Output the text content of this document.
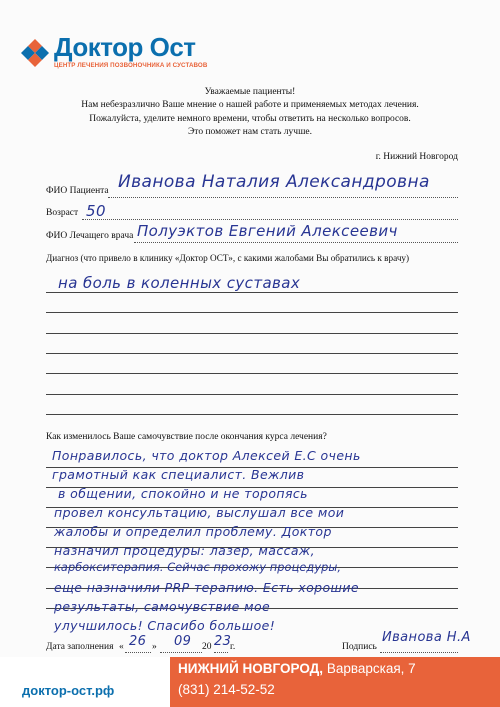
Доктор Ост
ЦЕНТР ЛЕЧЕНИЯ ПОЗВОНОЧНИКА И СУСТАВОВ
Уважаемые пациенты!
Нам небезразлично Ваше мнение о нашей работе и применяемых методах лечения.
Пожалуйста, уделите немного времени, чтобы ответить на несколько вопросов.
Это поможет нам стать лучше.
г. Нижний Новгород
ФИО Пациента Иванова Наталия Александровна
Возраст 50
ФИО Лечащего врача Полуэктов Евгений Алексеевич
Диагноз (что привело в клинику «Доктор ОСТ», с какими жалобами Вы обратились к врачу)
на боль в коленных суставах
Как изменилось Ваше самочувствие после окончания курса лечения?
Понравилось, что доктор Алексей Е.С очень
грамотный как специалист. Вежлив
в общении, спокойно и не торопясь
провел консультацию, выслушал все мои
жалобы и определил проблему. Доктор
назначил процедуры: лазер, массаж,
карбокситерапия. Сейчас прохожу процедуры,
еще назначили PRP терапию. Есть хорошие
результаты, самочувствие мое
улучшилось! Спасибо большое!
Дата заполнения « 26 » 09 20 23
г.	Подпись
Иванова Н.А
доктор-ост.рф
НИЖНИЙ НОВГОРОД, Варварская, 7
(831) 214-52-52
